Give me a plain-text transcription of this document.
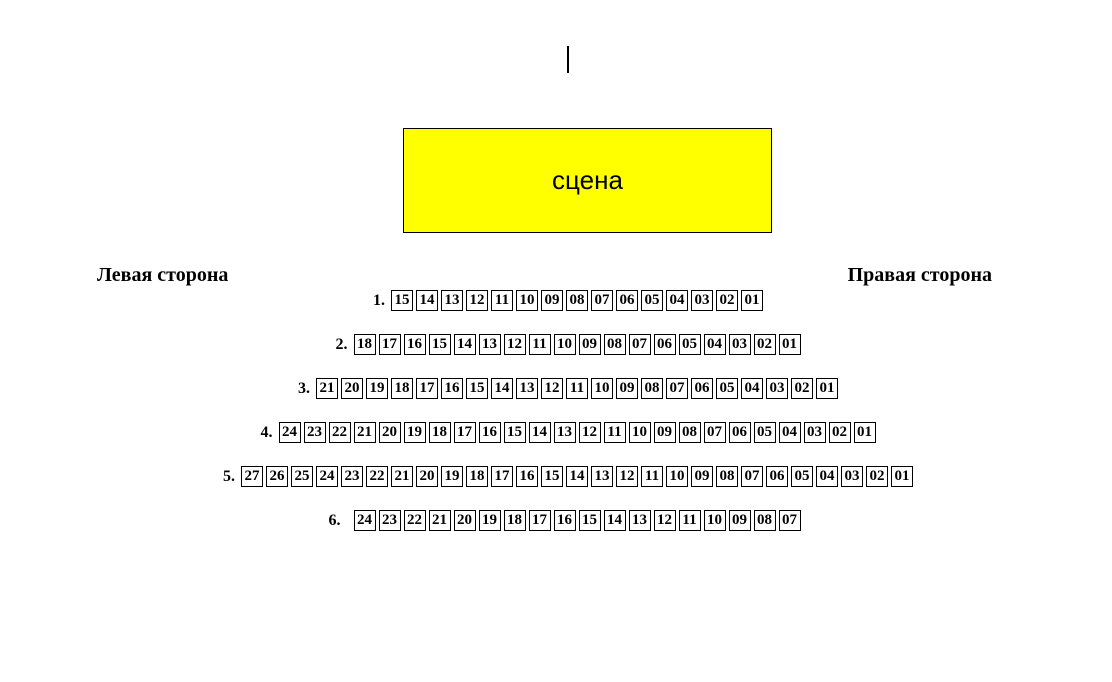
сцена
Левая сторона	Правая сторона
1. 15 14 13 12 11 10 09 08 07 06 05 04 03 02 01
2. 18 17 16 15 14 13 12 11 10 09 08 07 06 05 04 03 02 01
3. 21 20 19 18 17 16 15 14 13 12 11 10 09 08 07 06 05 04 03 02 01
4. 24 23 22 21 20 19 18 17 16 15 14 13 12 11 10 09 08 07 06 05 04 03 02 01
5. 27 26 25 24 23 22 21 20 19 18 17 16 15 14 13 12 11 10 09 08 07 06 05 04 03 02 01
6. 24 23 22 21 20 19 18 17 16 15 14 13 12 11 10 09 08 07
